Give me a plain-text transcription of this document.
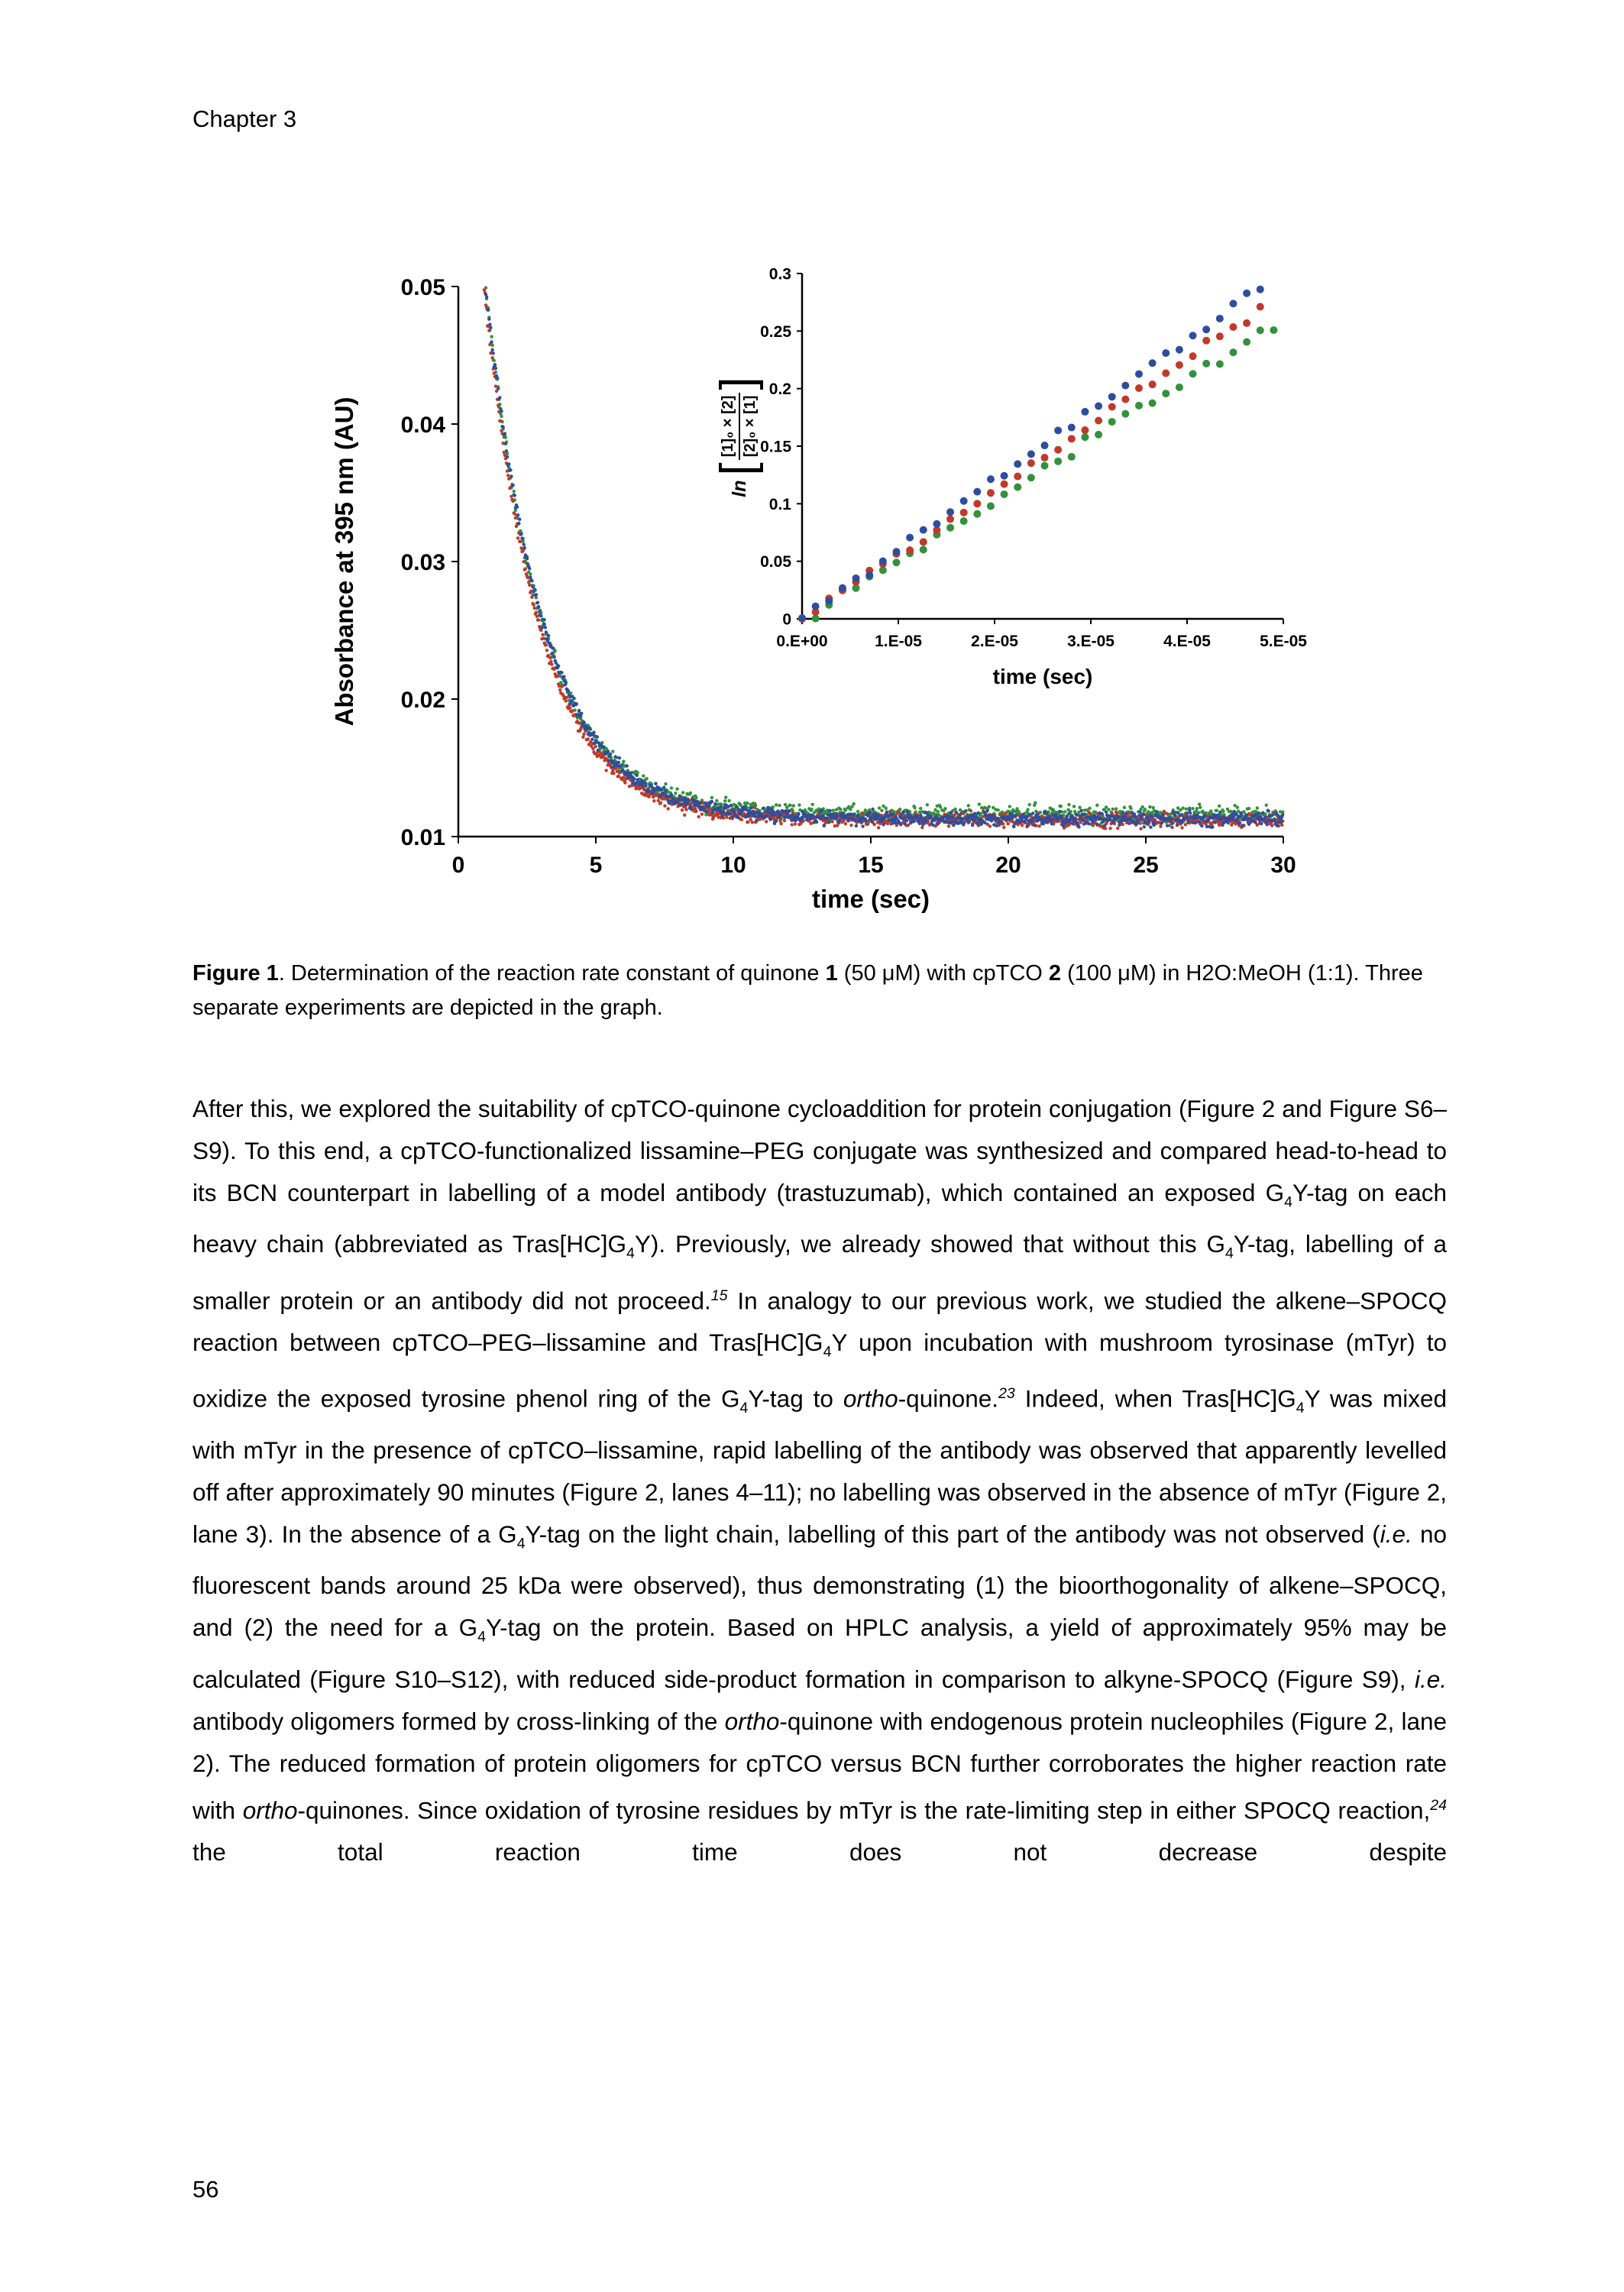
Chapter 3
0.01
0.02
0.03
0.04
0.05
0	5	10	15	20	25	30
time (sec)
Absorbance at 395 nm (AU)	0
0.05
0.1
0.15
0.2
0.25
0.3
0.E+00	1.E-05	2.E-05	3.E-05	4.E-05	5.E-05
time (sec)
ln
[
[1]₀ × [2] [2]₀ × [1]
]
Figure 1. Determination of the reaction rate constant of quinone 1 (50 μM) with cpTCO 2 (100 μM) in H2O:MeOH (1:1). Three separate experiments are depicted in the graph.
After this, we explored the suitability of cpTCO-quinone cycloaddition for protein conjugation (Figure 2 and Figure S6–S9). To this end, a cpTCO-functionalized lissamine–PEG conjugate was synthesized and compared head-to-head to its BCN counterpart in labelling of a model antibody (trastuzumab), which contained an exposed $G_4Y$-tag on each heavy chain (abbreviated as $Tras[HC]G_4Y$). Previously, we already showed that without this $G_4Y$-tag, labelling of a smaller protein or an antibody did not proceed.$^{15}$ In analogy to our previous work, we studied the alkene–SPOCQ reaction between cpTCO–PEG–lissamine and $Tras[HC]G_4Y$ upon incubation with mushroom tyrosinase (mTyr) to oxidize the exposed tyrosine phenol ring of the $G_4Y$-tag to ortho-quinone.$^{23}$ Indeed, when $Tras[HC]G_4Y$ was mixed with mTyr in the presence of cpTCO–lissamine, rapid labelling of the antibody was observed that apparently levelled off after approximately 90 minutes (Figure 2, lanes 4–11); no labelling was observed in the absence of mTyr (Figure 2, lane 3). In the absence of a $G_4Y$-tag on the light chain, labelling of this part of the antibody was not observed (i.e. no fluorescent bands around 25 kDa were observed), thus demonstrating (1) the bioorthogonality of alkene–SPOCQ, and (2) the need for a $G_4Y$-tag on the protein. Based on HPLC analysis, a yield of approximately 95% may be calculated (Figure S10–S12), with reduced side-product formation in comparison to alkyne-SPOCQ (Figure S9), i.e. antibody oligomers formed by cross-linking of the ortho-quinone with endogenous protein nucleophiles (Figure 2, lane 2). The reduced formation of protein oligomers for cpTCO versus BCN further corroborates the higher reaction rate with ortho-quinones. Since oxidation of tyrosine residues by mTyr is the rate-limiting step in either SPOCQ reaction,$^{24}$ the total reaction time does not decrease despite
56
